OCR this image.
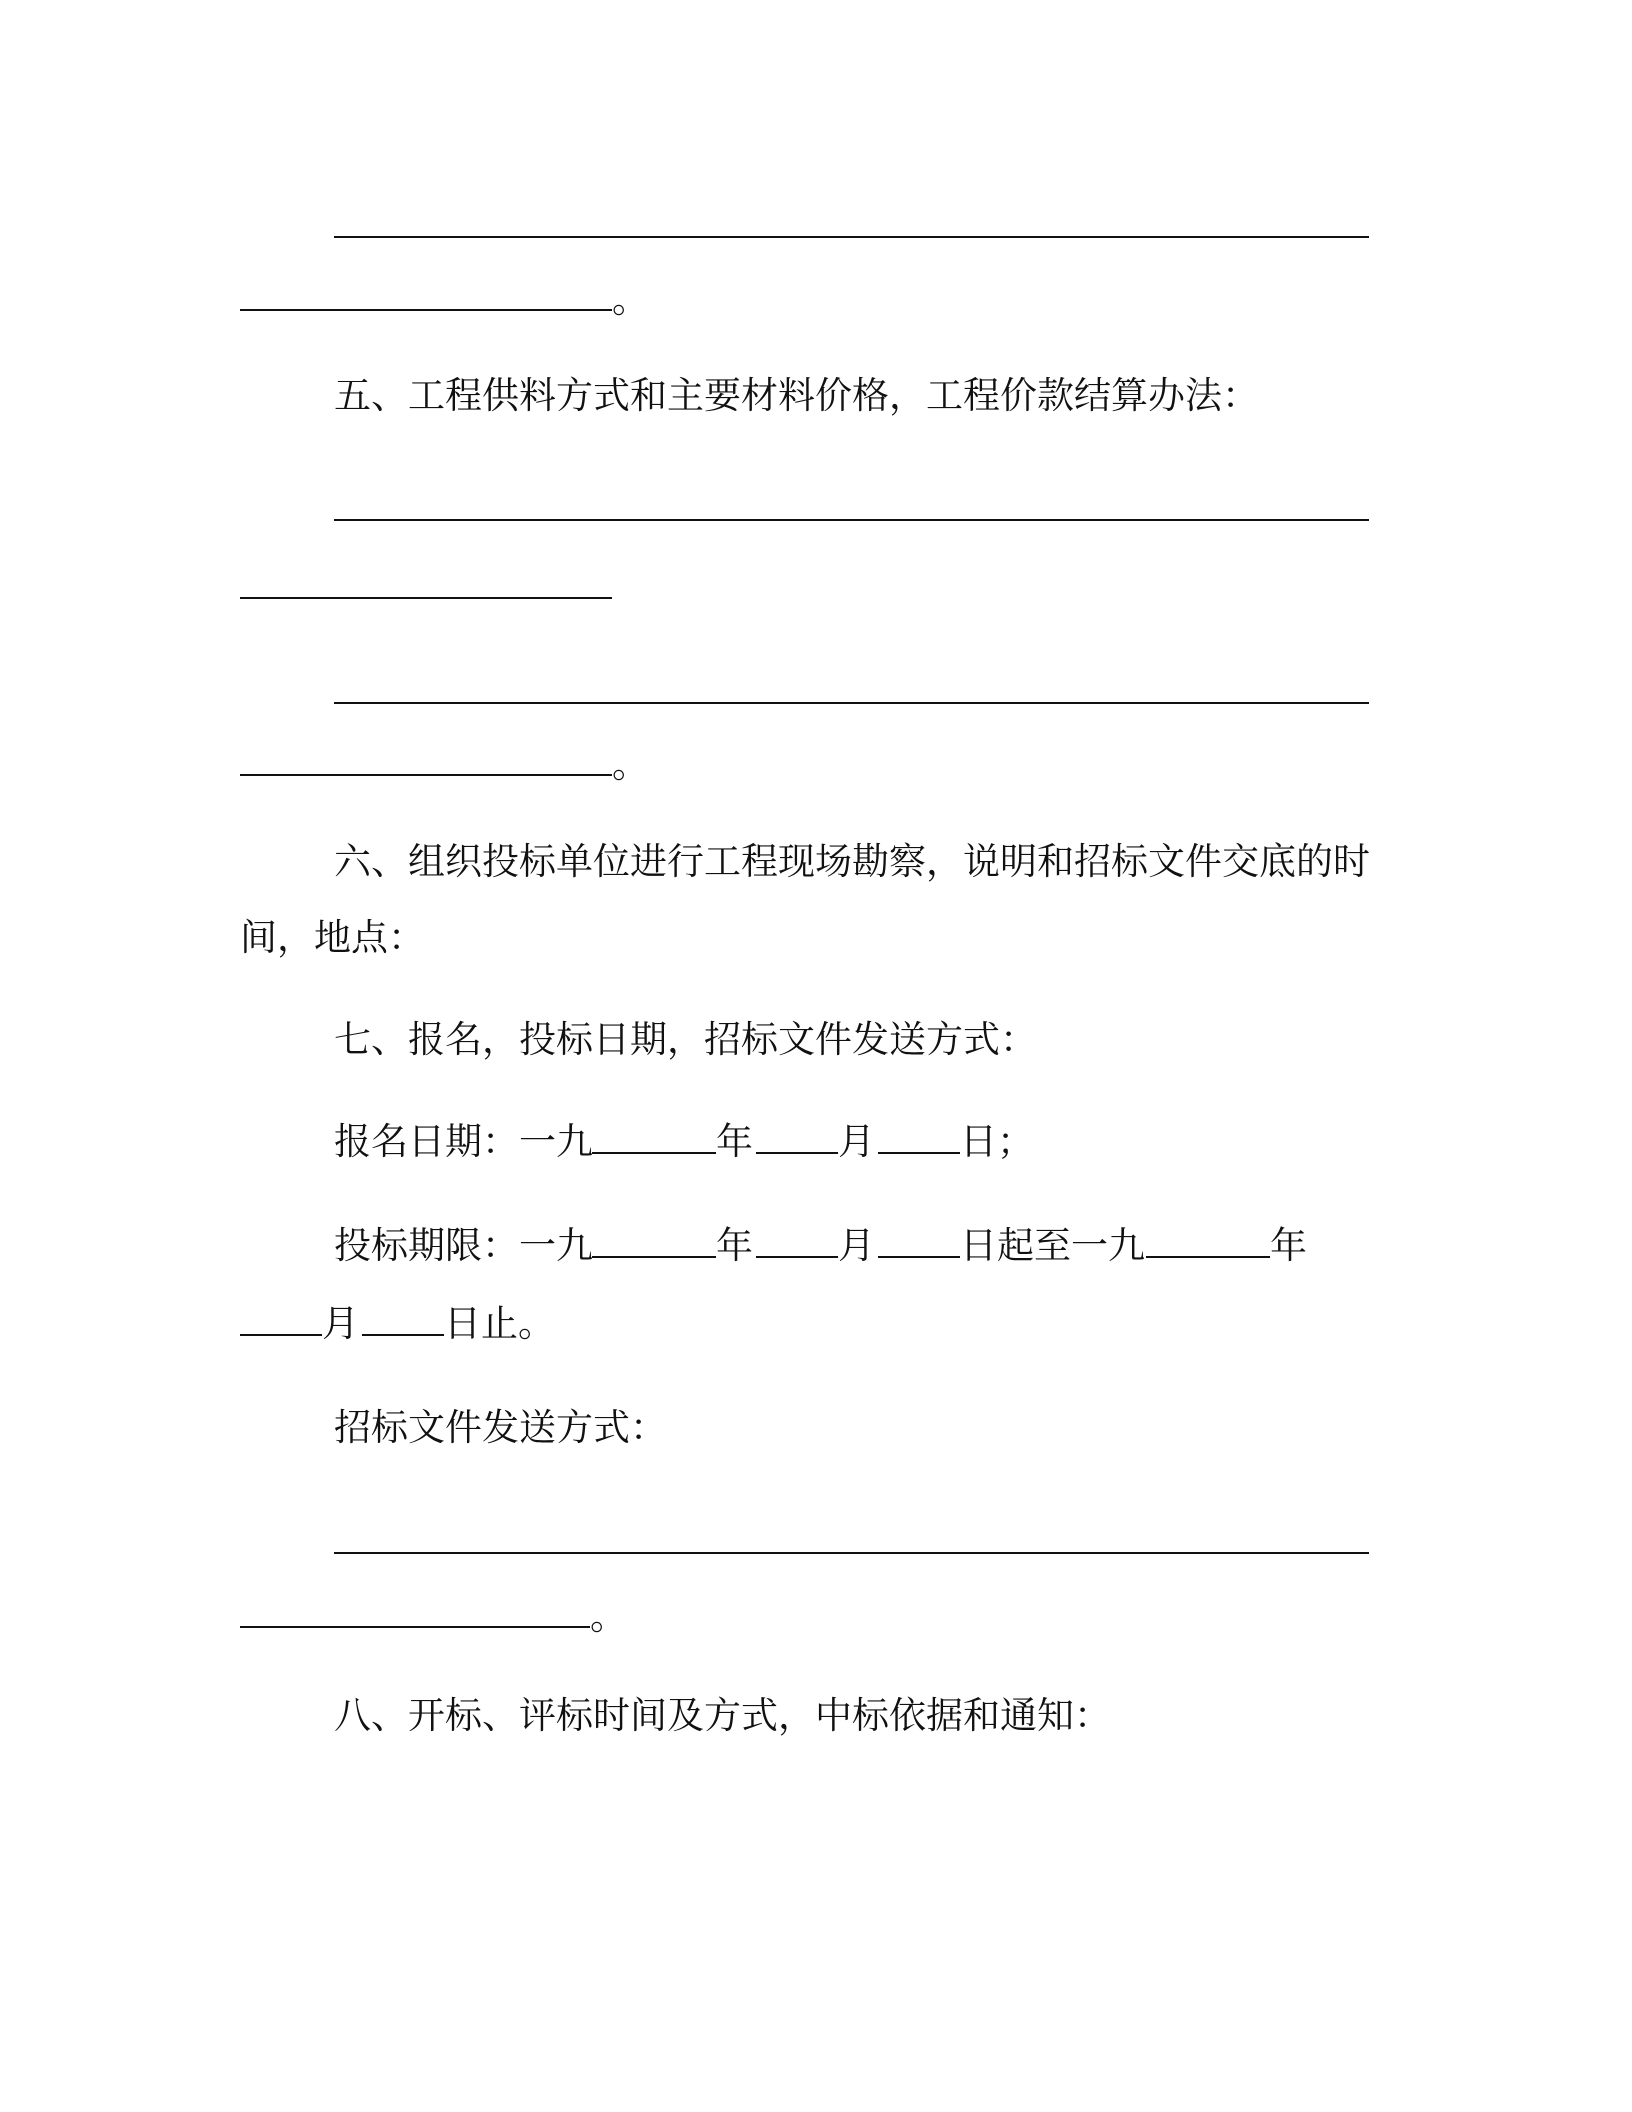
。
五、工程供料方式和主要材料价格，工程价款结算办法：
。
六、组织投标单位进行工程现场勘察，说明和招标文件交底的时
间，地点：
七、报名，投标日期，招标文件发送方式：
报名日期：一九	年 月 日；
投标期限：一九	年 月 日起至一九	年
月 日止。
招标文件发送方式：
。
八、开标、评标时间及方式，中标依据和通知：
